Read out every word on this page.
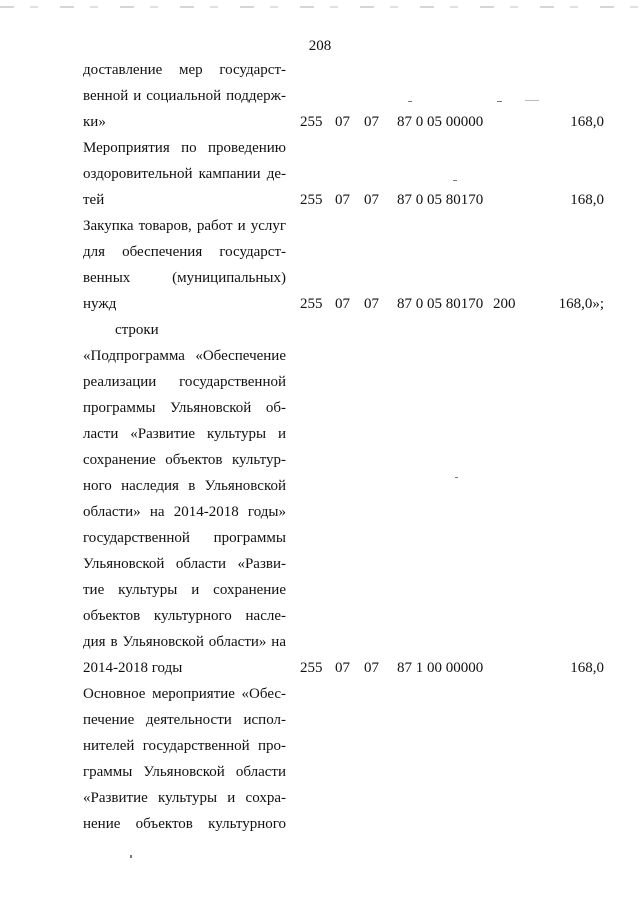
208
доставление мер государст-
венной и социальной поддерж-
ки»	255 07 07 87 0 05 00000	168,0
Мероприятия по проведению
оздоровительной кампании де-
тей	255 07 07 87 0 05 80170	168,0
Закупка товаров, работ и услуг
для обеспечения государст-
венных (муниципальных)
нужд	255 07 07 87 0 05 80170 200	168,0»;
строки
«Подпрограмма «Обеспечение
реализации государственной
программы Ульяновской об-
ласти «Развитие культуры и
сохранение объектов культур-
ного наследия в Ульяновской
области» на 2014-2018 годы»
государственной программы
Ульяновской области «Разви-
тие культуры и сохранение
объектов культурного насле-
дия в Ульяновской области» на
2014-2018 годы	255 07 07 87 1 00 00000	168,0
Основное мероприятие «Обес-
печение деятельности испол-
нителей государственной про-
граммы Ульяновской области
«Развитие культуры и сохра-
нение объектов культурного
